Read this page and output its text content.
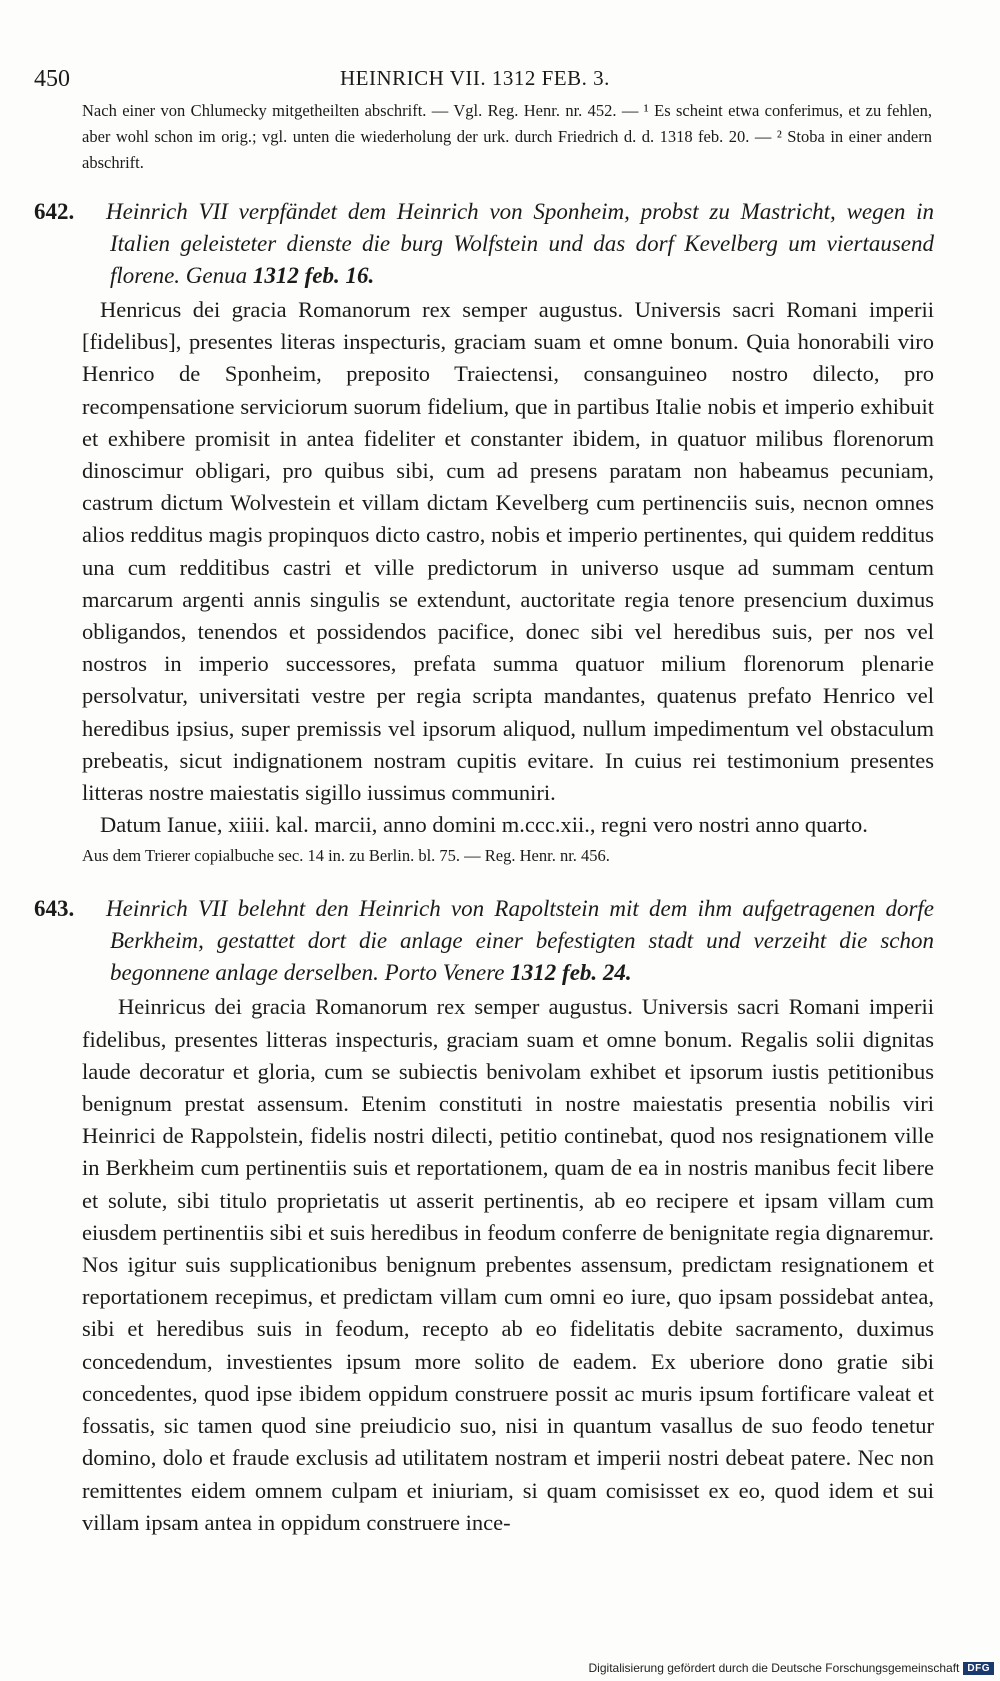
450	HEINRICH VII. 1312 FEB. 3.
Nach einer von Chlumecky mitgetheilten abschrift. — Vgl. Reg. Henr. nr. 452. — ¹ Es scheint etwa conferimus, et zu fehlen, aber wohl schon im orig.; vgl. unten die wiederholung der urk. durch Friedrich d. d. 1318 feb. 20. — ² Stoba in einer andern abschrift.
642. Heinrich VII verpfändet dem Heinrich von Sponheim, probst zu Mastricht, wegen in Italien geleisteter dienste die burg Wolfstein und das dorf Kevelberg um viertausend florene. Genua 1312 feb. 16.

Henricus dei gracia Romanorum rex semper augustus. Universis sacri Romani imperii [fidelibus], presentes literas inspecturis, graciam suam et omne bonum. Quia honorabili viro Henrico de Sponheim, preposito Traiectensi, consanguineo nostro dilecto, pro recompensatione serviciorum suorum fidelium, que in partibus Italie nobis et imperio exhibuit et exhibere promisit in antea fideliter et constanter ibidem, in quatuor milibus florenorum dinoscimur obligari, pro quibus sibi, cum ad presens paratam non habeamus pecuniam, castrum dictum Wolvestein et villam dictam Kevelberg cum pertinenciis suis, necnon omnes alios redditus magis propinquos dicto castro, nobis et imperio pertinentes, qui quidem redditus una cum redditibus castri et ville predictorum in universo usque ad summam centum marcarum argenti annis singulis se extendunt, auctoritate regia tenore presencium duximus obligandos, tenendos et possidendos pacifice, donec sibi vel heredibus suis, per nos vel nostros in imperio successores, prefata summa quatuor milium florenorum plenarie persolvatur, universitati vestre per regia scripta mandantes, quatenus prefato Henrico vel heredibus ipsius, super premissis vel ipsorum aliquod, nullum impedimentum vel obstaculum prebeatis, sicut indignationem nostram cupitis evitare. In cuius rei testimonium presentes litteras nostre maiestatis sigillo iussimus communiri.

Datum Ianue, xiiii. kal. marcii, anno domini m.ccc.xii., regni vero nostri anno quarto.

Aus dem Trierer copialbuche sec. 14 in. zu Berlin. bl. 75. — Reg. Henr. nr. 456.
643. Heinrich VII belehnt den Heinrich von Rapoltstein mit dem ihm aufgetragenen dorfe Berkheim, gestattet dort die anlage einer befestigten stadt und verzeiht die schon begonnene anlage derselben. Porto Venere 1312 feb. 24.

Heinricus dei gracia Romanorum rex semper augustus. Universis sacri Romani imperii fidelibus, presentes litteras inspecturis, graciam suam et omne bonum. Regalis solii dignitas laude decoratur et gloria, cum se subiectis benivolam exhibet et ipsorum iustis petitionibus benignum prestat assensum. Etenim constituti in nostre maiestatis presentia nobilis viri Heinrici de Rappolstein, fidelis nostri dilecti, petitio continebat, quod nos resignationem ville in Berkheim cum pertinentiis suis et reportationem, quam de ea in nostris manibus fecit libere et solute, sibi titulo proprietatis ut asserit pertinentis, ab eo recipere et ipsam villam cum eiusdem pertinentiis sibi et suis heredibus in feodum conferre de benignitate regia dignaremur. Nos igitur suis supplicationibus benignum prebentes assensum, predictam resignationem et reportationem recepimus, et predictam villam cum omni eo iure, quo ipsam possidebat antea, sibi et heredibus suis in feodum, recepto ab eo fidelitatis debite sacramento, duximus concedendum, investientes ipsum more solito de eadem. Ex uberiore dono gratie sibi concedentes, quod ipse ibidem oppidum construere possit ac muris ipsum fortificare valeat et fossatis, sic tamen quod sine preiudicio suo, nisi in quantum vasallus de suo feodo tenetur domino, dolo et fraude exclusis ad utilitatem nostram et imperii nostri debeat patere. Nec non remittentes eidem omnem culpam et iniuriam, si quam comisisset ex eo, quod idem et sui villam ipsam antea in oppidum construere ince-

Digitalisierung gefördert durch die Deutsche Forschungsgemeinschaft DFG
